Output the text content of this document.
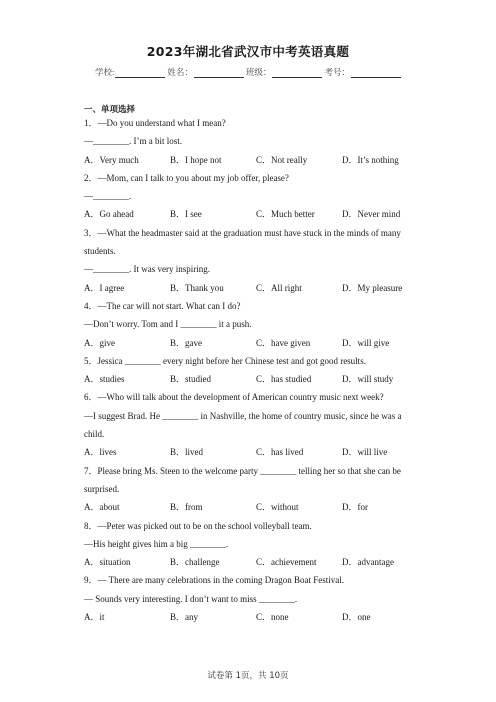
2023年湖北省武汉市中考英语真题
学校:	姓名：	班级：	考号：
一、单项选择
1．—Do you understand what I mean?
—________. I’m a bit lost.
A．Very much	B．I hope not	C．Not really	D．It’s nothing
2．—Mom, can I talk to you about my job offer, please?
—________.
A．Go ahead	B．I see	C．Much better	D．Never mind
3．—What the headmaster said at the graduation must have stuck in the minds of many
students.
—________. It was very inspiring.
A．I agree	B．Thank you	C．All right	D．My pleasure
4．—The car will not start. What can I do?
—Don’t worry. Tom and I ________ it a push.
A．give	B．gave	C．have given	D．will give
5．Jessica ________ every night before her Chinese test and got good results.
A．studies	B．studied	C．has studied	D．will study
6．—Who will talk about the development of American country music next week?
—I suggest Brad. He ________ in Nashville, the home of country music, since he was a
child.
A．lives	B．lived	C．has lived	D．will live
7．Please bring Ms. Steen to the welcome party ________ telling her so that she can be
surprised.
A．about	B．from	C．without	D．for
8．—Peter was picked out to be on the school volleyball team.
—His height gives him a big ________.
A．situation	B．challenge	C．achievement	D．advantage
9．— There are many celebrations in the coming Dragon Boat Festival.
— Sounds very interesting. I don’t want to miss ________.
A．it	B．any	C．none	D．one
试卷第 1页，共 10页
